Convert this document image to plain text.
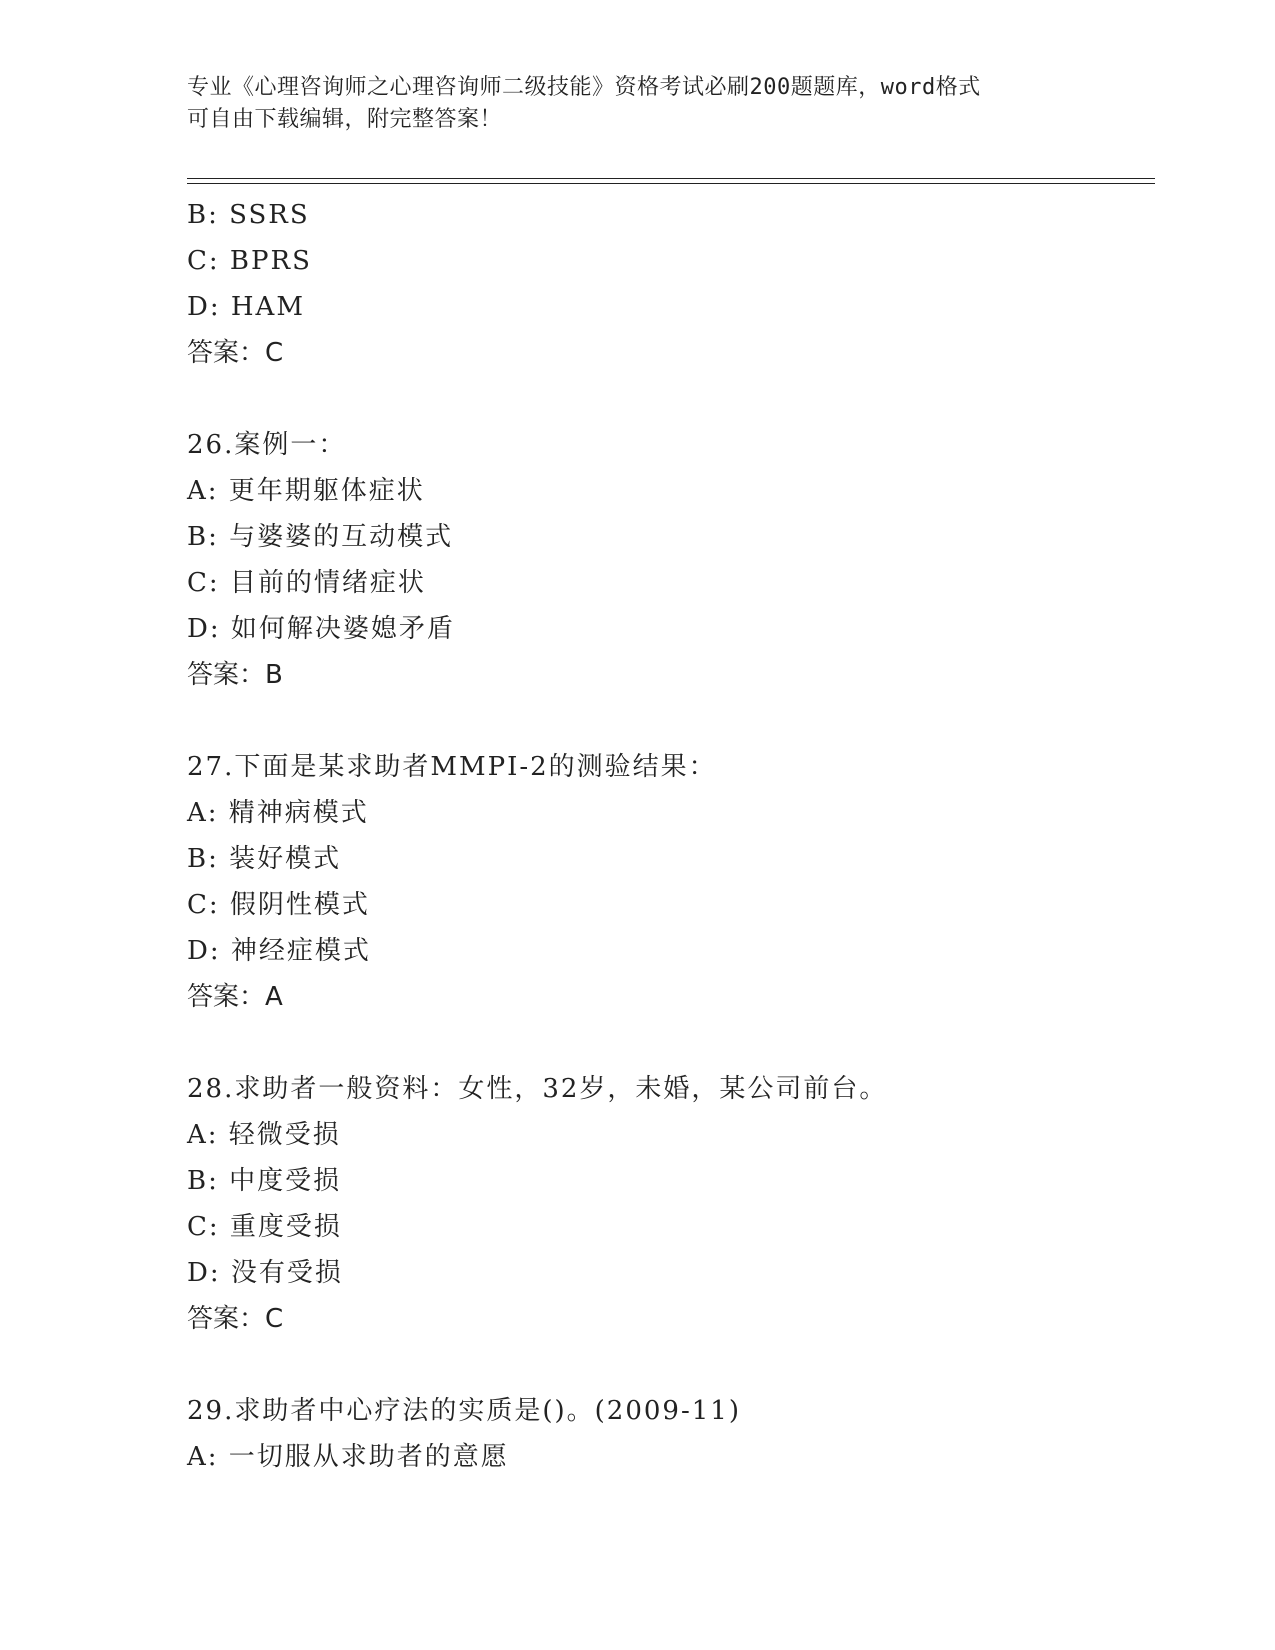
专业《心理咨询师之心理咨询师二级技能》资格考试必刷200题题库，word格式
可自由下载编辑，附完整答案！
B: SSRS
C: BPRS
D: HAM
答案：C
26.案例一：
A: 更年期躯体症状
B: 与婆婆的互动模式
C: 目前的情绪症状
D: 如何解决婆媳矛盾
答案：B
27.下面是某求助者MMPI-2的测验结果：
A: 精神病模式
B: 装好模式
C: 假阴性模式
D: 神经症模式
答案：A
28.求助者一般资料：女性，32岁，未婚，某公司前台。
A: 轻微受损
B: 中度受损
C: 重度受损
D: 没有受损
答案：C
29.求助者中心疗法的实质是()。(2009-11)
A: 一切服从求助者的意愿
